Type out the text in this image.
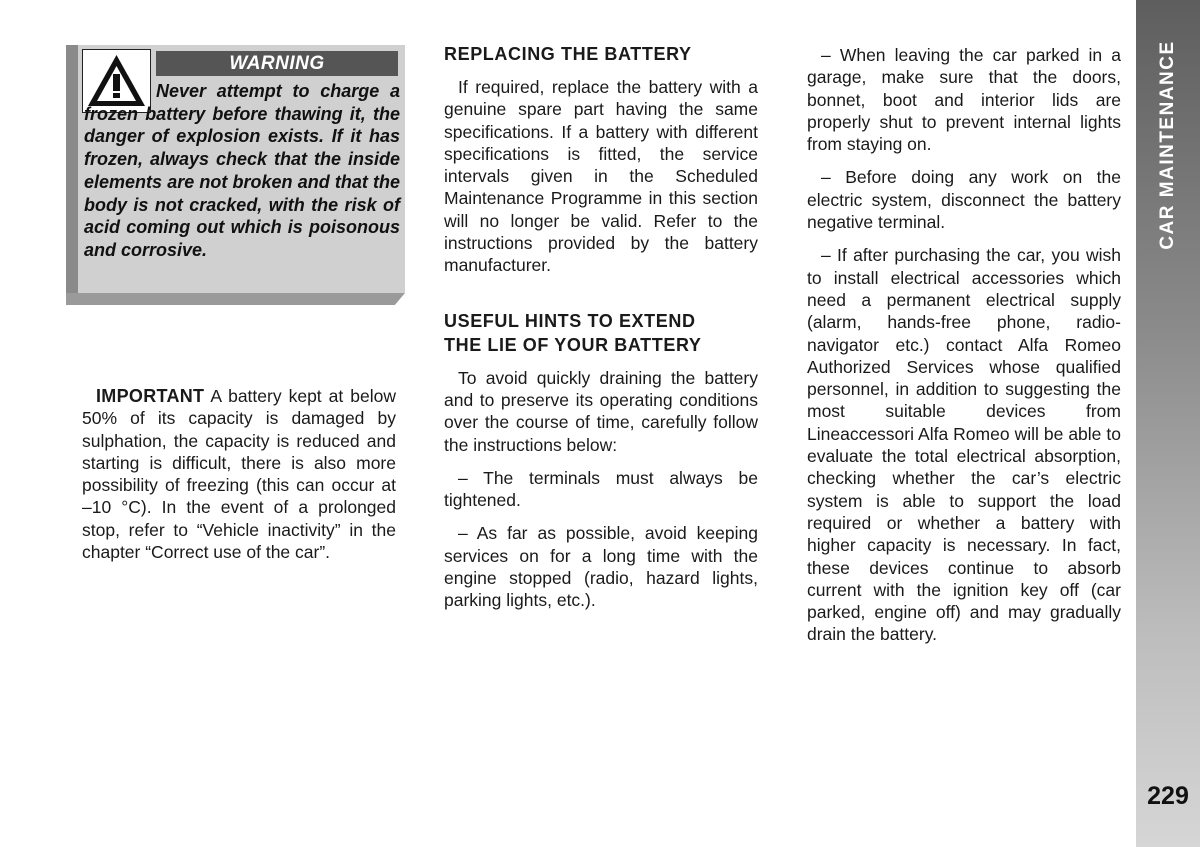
CAR MAINTENANCE
229
WARNING

Never attempt to charge a frozen battery before thawing it, the danger of explosion exists. If it has frozen, always check that the inside elements are not broken and that the body is not cracked, with the risk of acid coming out which is poisonous and corrosive.

IMPORTANT A battery kept at below 50% of its capacity is damaged by sulphation, the capacity is reduced and starting is difficult, there is also more possibility of freezing (this can occur at –10 °C). In the event of a prolonged stop, refer to “Vehicle inactivity” in the chapter “Correct use of the car”.

REPLACING THE BATTERY

If required, replace the battery with a genuine spare part having the same specifications. If a battery with different specifications is fitted, the service intervals given in the Scheduled Maintenance Programme in this section will no longer be valid. Refer to the instructions provided by the battery manufacturer.

USEFUL HINTS TO EXTEND
THE LIE OF YOUR BATTERY

To avoid quickly draining the battery and to preserve its operating conditions over the course of time, carefully follow the instructions below:

– The terminals must always be tightened.

– As far as possible, avoid keeping services on for a long time with the engine stopped (radio, hazard lights, parking lights, etc.).

– When leaving the car parked in a garage, make sure that the doors, bonnet, boot and interior lids are properly shut to prevent internal lights from staying on.

– Before doing any work on the electric system, disconnect the battery negative terminal.

– If after purchasing the car, you wish to install electrical accessories which need a permanent electrical supply (alarm, hands-free phone, radio-navigator etc.) contact Alfa Romeo Authorized Services whose qualified personnel, in addition to suggesting the most suitable devices from Lineaccessori Alfa Romeo will be able to evaluate the total electrical absorption, checking whether the car’s electric system is able to support the load required or whether a battery with higher capacity is necessary. In fact, these devices continue to absorb current with the ignition key off (car parked, engine off) and may gradually drain the battery.
